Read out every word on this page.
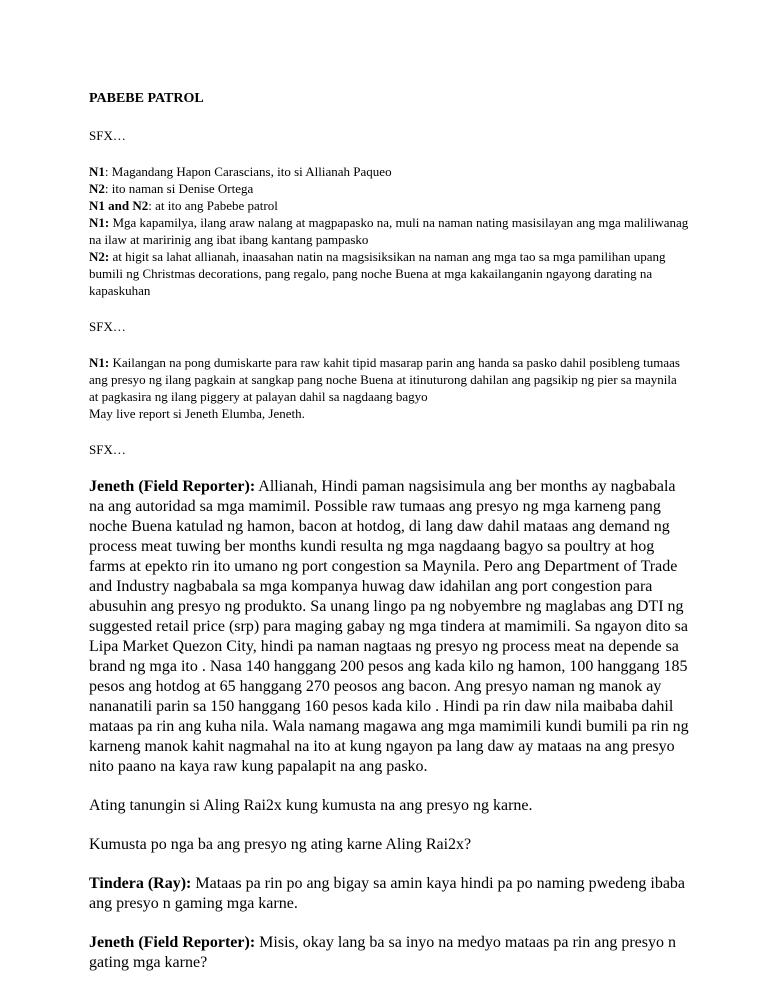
PABEBE PATROL

SFX…

N1: Magandang Hapon Carascians, ito si Allianah Paqueo

N2: ito naman si Denise Ortega

N1 and N2: at ito ang Pabebe patrol

N1: Mga kapamilya, ilang araw nalang at magpapasko na, muli na naman nating masisilayan ang mga maliliwanag na ilaw at maririnig ang ibat ibang kantang pampasko

N2: at higit sa lahat allianah, inaasahan natin na magsisiksikan na naman ang mga tao sa mga pamilihan upang bumili ng Christmas decorations, pang regalo, pang noche Buena at mga kakailanganin ngayong darating na kapaskuhan

SFX…

N1: Kailangan na pong dumiskarte para raw kahit tipid masarap parin ang handa sa pasko dahil posibleng tumaas ang presyo ng ilang pagkain at sangkap pang noche Buena at itinuturong dahilan ang pagsikip ng pier sa maynila at pagkasira ng ilang piggery at palayan dahil sa nagdaang bagyo

May live report si Jeneth Elumba, Jeneth.

SFX…

Jeneth (Field Reporter): Allianah, Hindi paman nagsisimula ang ber months ay nagbabala na ang autoridad sa mga mamimil. Possible raw tumaas ang presyo ng mga karneng pang noche Buena katulad ng hamon, bacon at hotdog, di lang daw dahil mataas ang demand ng process meat tuwing ber months kundi resulta ng mga nagdaang bagyo sa poultry at hog farms at epekto rin ito umano ng port congestion sa Maynila. Pero ang Department of Trade and Industry nagbabala sa mga kompanya huwag daw idahilan ang port congestion para abusuhin ang presyo ng produkto. Sa unang lingo pa ng nobyembre ng maglabas ang DTI ng suggested retail price (srp) para maging gabay ng mga tindera at mamimili. Sa ngayon dito sa Lipa Market Quezon City, hindi pa naman nagtaas ng presyo ng process meat na depende sa brand ng mga ito . Nasa 140 hanggang 200 pesos ang kada kilo ng hamon, 100 hanggang 185 pesos ang hotdog at 65 hanggang 270 peosos ang bacon. Ang presyo naman ng manok ay nananatili parin sa 150 hanggang 160 pesos kada kilo . Hindi pa rin daw nila maibaba dahil mataas pa rin ang kuha nila. Wala namang magawa ang mga mamimili kundi bumili pa rin ng karneng manok kahit nagmahal na ito at kung ngayon pa lang daw ay mataas na ang presyo nito paano na kaya raw kung papalapit na ang pasko.

Ating tanungin si Aling Rai2x kung kumusta na ang presyo ng karne.

Kumusta po nga ba ang presyo ng ating karne Aling Rai2x?

Tindera (Ray): Mataas pa rin po ang bigay sa amin kaya hindi pa po naming pwedeng ibaba ang presyo n gaming mga karne.

Jeneth (Field Reporter): Misis, okay lang ba sa inyo na medyo mataas pa rin ang presyo n gating mga karne?
